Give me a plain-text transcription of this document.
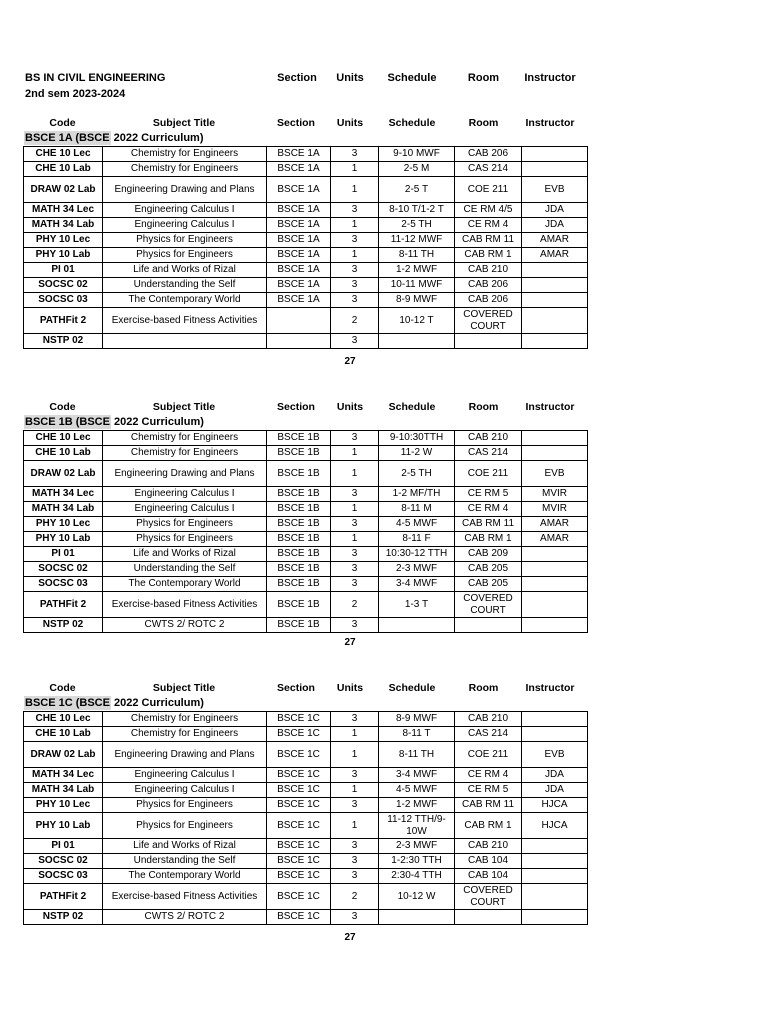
BS IN CIVIL ENGINEERING
2nd sem 2023-2024
Section	Units	Schedule	Room	Instructor
Code	Subject Title	Section	Units	Schedule	Room	Instructor
BSCE 1A (BSCE 2022 Curriculum)
CHE 10 Lec	Chemistry for Engineers	BSCE 1A	3	9-10 MWF	CAB 206	
CHE 10 Lab	Chemistry for Engineers	BSCE 1A	1	2-5 M	CAS 214	
DRAW 02 Lab	Engineering Drawing and Plans	BSCE 1A	1	2-5 T	COE 211	EVB
MATH 34 Lec	Engineering Calculus I	BSCE 1A	3	8-10 T/1-2 T	CE RM 4/5	JDA
MATH 34 Lab	Engineering Calculus I	BSCE 1A	1	2-5 TH	CE RM 4	JDA
PHY 10 Lec	Physics for Engineers	BSCE 1A	3	11-12 MWF	CAB RM 11	AMAR
PHY 10 Lab	Physics for Engineers	BSCE 1A	1	8-11 TH	CAB RM 1	AMAR
PI 01	Life and Works of Rizal	BSCE 1A	3	1-2 MWF	CAB 210	
SOCSC 02	Understanding the Self	BSCE 1A	3	10-11 MWF	CAB 206	
SOCSC 03	The Contemporary World	BSCE 1A	3	8-9 MWF	CAB 206	
PATHFit 2	Exercise-based Fitness Activities		2	10-12 T	COVERED COURT	
NSTP 02			3			
27
Code	Subject Title	Section	Units	Schedule	Room	Instructor
BSCE 1B (BSCE 2022 Curriculum)
CHE 10 Lec	Chemistry for Engineers	BSCE 1B	3	9-10:30TTH	CAB 210	
CHE 10 Lab	Chemistry for Engineers	BSCE 1B	1	11-2 W	CAS 214	
DRAW 02 Lab	Engineering Drawing and Plans	BSCE 1B	1	2-5 TH	COE 211	EVB
MATH 34 Lec	Engineering Calculus I	BSCE 1B	3	1-2 MF/TH	CE RM 5	MVIR
MATH 34 Lab	Engineering Calculus I	BSCE 1B	1	8-11 M	CE RM 4	MVIR
PHY 10 Lec	Physics for Engineers	BSCE 1B	3	4-5 MWF	CAB RM 11	AMAR
PHY 10 Lab	Physics for Engineers	BSCE 1B	1	8-11 F	CAB RM 1	AMAR
PI 01	Life and Works of Rizal	BSCE 1B	3	10:30-12 TTH	CAB 209	
SOCSC 02	Understanding the Self	BSCE 1B	3	2-3 MWF	CAB 205	
SOCSC 03	The Contemporary World	BSCE 1B	3	3-4 MWF	CAB 205	
PATHFit 2	Exercise-based Fitness Activities	BSCE 1B	2	1-3 T	COVERED COURT	
NSTP 02	CWTS 2/ ROTC 2	BSCE 1B	3			
27
Code	Subject Title	Section	Units	Schedule	Room	Instructor
BSCE 1C (BSCE 2022 Curriculum)
CHE 10 Lec	Chemistry for Engineers	BSCE 1C	3	8-9 MWF	CAB 210	
CHE 10 Lab	Chemistry for Engineers	BSCE 1C	1	8-11 T	CAS 214	
DRAW 02 Lab	Engineering Drawing and Plans	BSCE 1C	1	8-11 TH	COE 211	EVB
MATH 34 Lec	Engineering Calculus I	BSCE 1C	3	3-4 MWF	CE RM 4	JDA
MATH 34 Lab	Engineering Calculus I	BSCE 1C	1	4-5 MWF	CE RM 5	JDA
PHY 10 Lec	Physics for Engineers	BSCE 1C	3	1-2 MWF	CAB RM 11	HJCA
PHY 10 Lab	Physics for Engineers	BSCE 1C	1	11-12 TTH/9-10W	CAB RM 1	HJCA
PI 01	Life and Works of Rizal	BSCE 1C	3	2-3 MWF	CAB 210	
SOCSC 02	Understanding the Self	BSCE 1C	3	1-2:30 TTH	CAB 104	
SOCSC 03	The Contemporary World	BSCE 1C	3	2:30-4 TTH	CAB 104	
PATHFit 2	Exercise-based Fitness Activities	BSCE 1C	2	10-12 W	COVERED COURT	
NSTP 02	CWTS 2/ ROTC 2	BSCE 1C	3			
27
